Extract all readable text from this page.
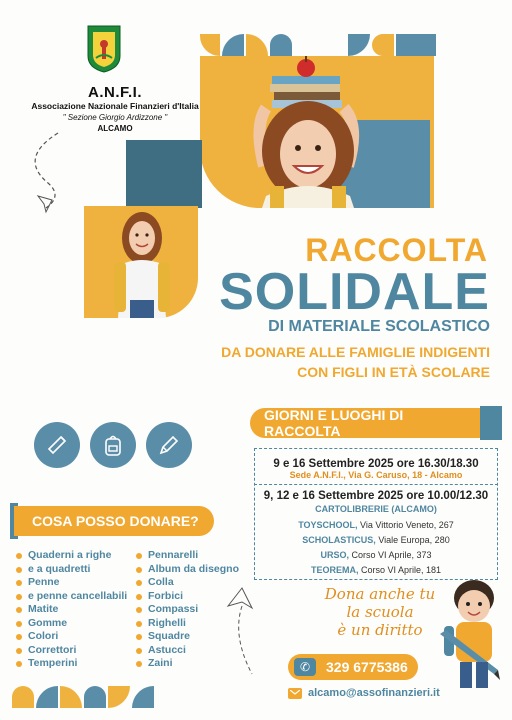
A.N.F.I.
Associazione Nazionale Finanzieri d'Italia
" Sezione Giorgio Ardizzone "
ALCAMO
RACCOLTA
SOLIDALE
DI MATERIALE SCOLASTICO
DA DONARE ALLE FAMIGLIE INDIGENTI
CON FIGLI IN ETÀ SCOLARE
GIORNI E LUOGHI DI RACCOLTA
9 e 16 Settembre 2025 ore 16.30/18.30
Sede A.N.F.I., Via G. Caruso, 18 - Alcamo
9, 12 e 16 Settembre 2025 ore 10.00/12.30
CARTOLIBRERIE (ALCAMO)
TOYSCHOOL, Via Vittorio Veneto, 267
SCHOLASTICUS, Viale Europa, 280
URSO, Corso VI Aprile, 373
TEOREMA, Corso VI Aprile, 181
COSA POSSO DONARE?
Quaderni a righe
e a quadretti
Penne
e penne cancellabili
Matite
Gomme
Colori
Correttori
Temperini
Pennarelli
Album da disegno
Colla
Forbici
Compassi
Righelli
Squadre
Astucci
Zaini
Dona anche tu
la scuola
è un diritto
✆	329 6775386
alcamo@assofinanzieri.it
